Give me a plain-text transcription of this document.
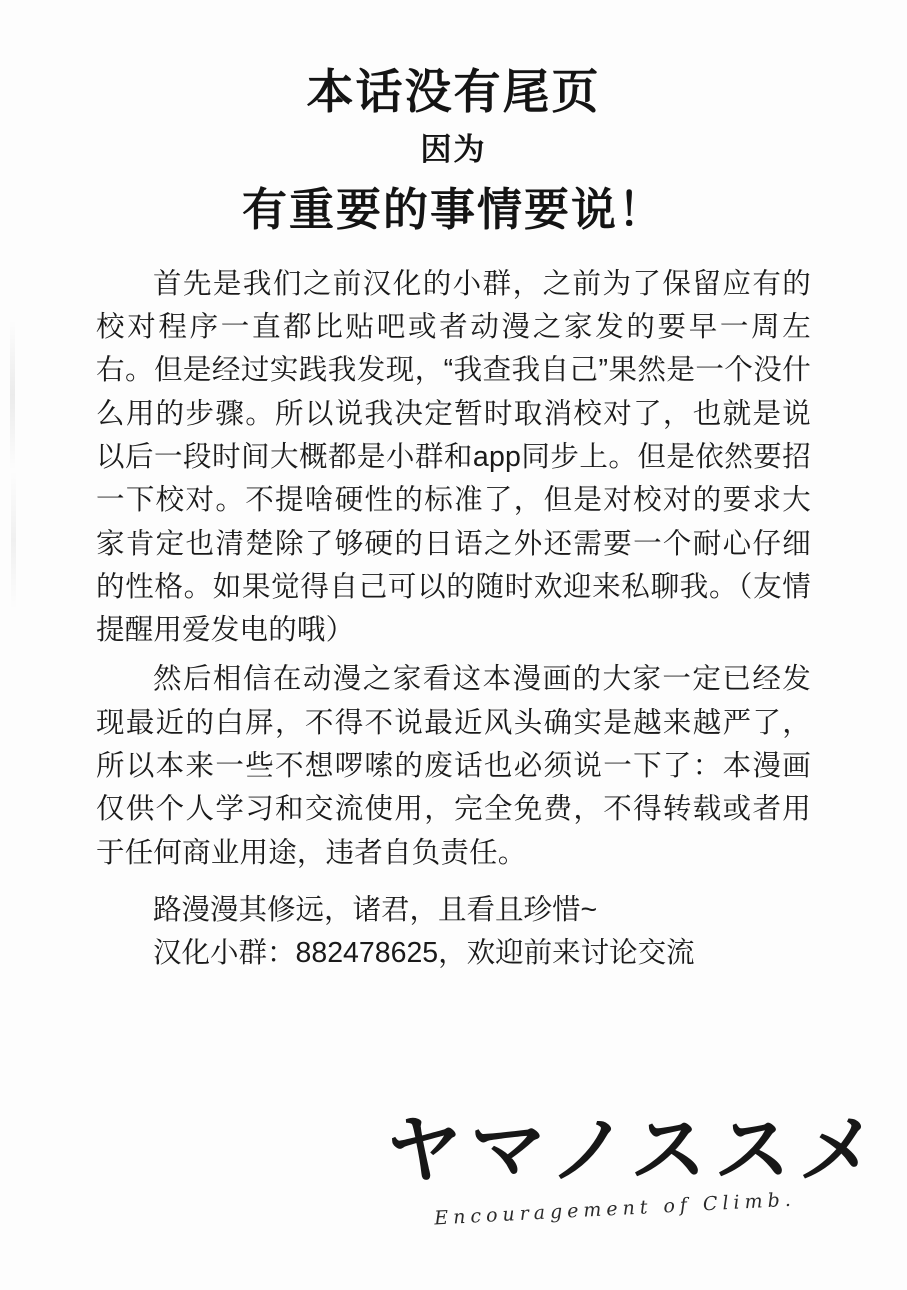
本话没有尾页
因为
有重要的事情要说！

首先是我们之前汉化的小群，之前为了保留应有的校对程序一直都比贴吧或者动漫之家发的要早一周左右。但是经过实践我发现，“我查我自己”果然是一个没什么用的步骤。所以说我决定暂时取消校对了，也就是说以后一段时间大概都是小群和app同步上。但是依然要招一下校对。不提啥硬性的标准了，但是对校对的要求大家肯定也清楚除了够硬的日语之外还需要一个耐心仔细的性格。如果觉得自己可以的随时欢迎来私聊我。（友情提醒用爱发电的哦）

然后相信在动漫之家看这本漫画的大家一定已经发现最近的白屏，不得不说最近风头确实是越来越严了，所以本来一些不想啰嗦的废话也必须说一下了：本漫画仅供个人学习和交流使用，完全免费，不得转载或者用于任何商业用途，违者自负责任。

路漫漫其修远，诸君，且看且珍惜~
汉化小群：882478625，欢迎前来讨论交流
ヤマノススメ
Encouragement of Climb.
